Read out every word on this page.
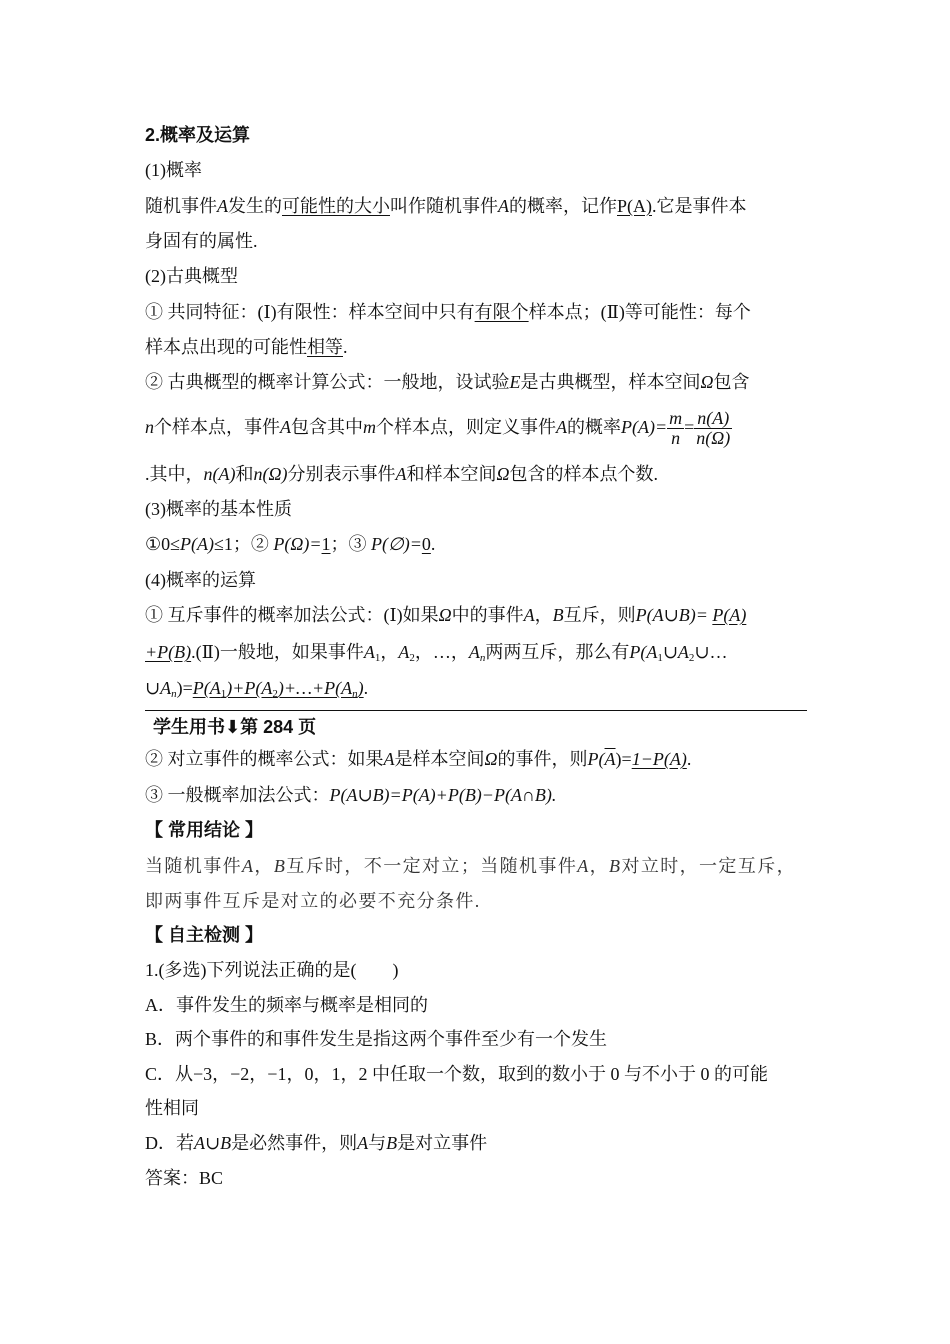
2.概率及运算
(1)概率
随机事件A发生的可能性的大小叫作随机事件A的概率，记作P(A).它是事件本
身固有的属性.
(2)古典概型
① 共同特征：(Ⅰ)有限性：样本空间中只有有限个样本点；(Ⅱ)等可能性：每个
样本点出现的可能性相等.
② 古典概型的概率计算公式：一般地，设试验E是古典概型，样本空间Ω包含
n个样本点，事件A包含其中m个样本点，则定义事件A的概率$P(A)= \frac{m}{n} = \frac{n(A)}{n(\Omega)}$
.其中，n(A)和n(Ω)分别表示事件A和样本空间Ω包含的样本点个数.
(3)概率的基本性质
①0≤P(A)≤1；② P(Ω)=1；③ P(∅)=0.
(4)概率的运算
① 互斥事件的概率加法公式：(Ⅰ)如果Ω中的事件A，B互斥，则P(A∪B)= P(A)
+P(B).(Ⅱ)一般地，如果事件$A_1$，$A_2$，…，$A_n$两两互斥，那么有$P(A_1\cup A_2\cup\dots$
$\cup A_n)=P(A_1)+P(A_2)+\dots+P(A_n)$.
学生用书⬇第 284 页
② 对立事件的概率公式：如果A是样本空间Ω的事件，则$P(\overline{A})=1-P(A)$.
③ 一般概率加法公式：P(A∪B)=P(A)+P(B)−P(A∩B).
【 常用结论 】
当随机事件A，B互斥时，不一定对立；当随机事件A，B对立时，一定互斥，
即两事件互斥是对立的必要不充分条件.
【 自主检测 】
1.(多选)下列说法正确的是(　　)
A．事件发生的频率与概率是相同的
B．两个事件的和事件发生是指这两个事件至少有一个发生
C．从−3，−2，−1，0，1，2 中任取一个数，取到的数小于 0 与不小于 0 的可能
性相同
D．若A∪B是必然事件，则A与B是对立事件
答案：BC
